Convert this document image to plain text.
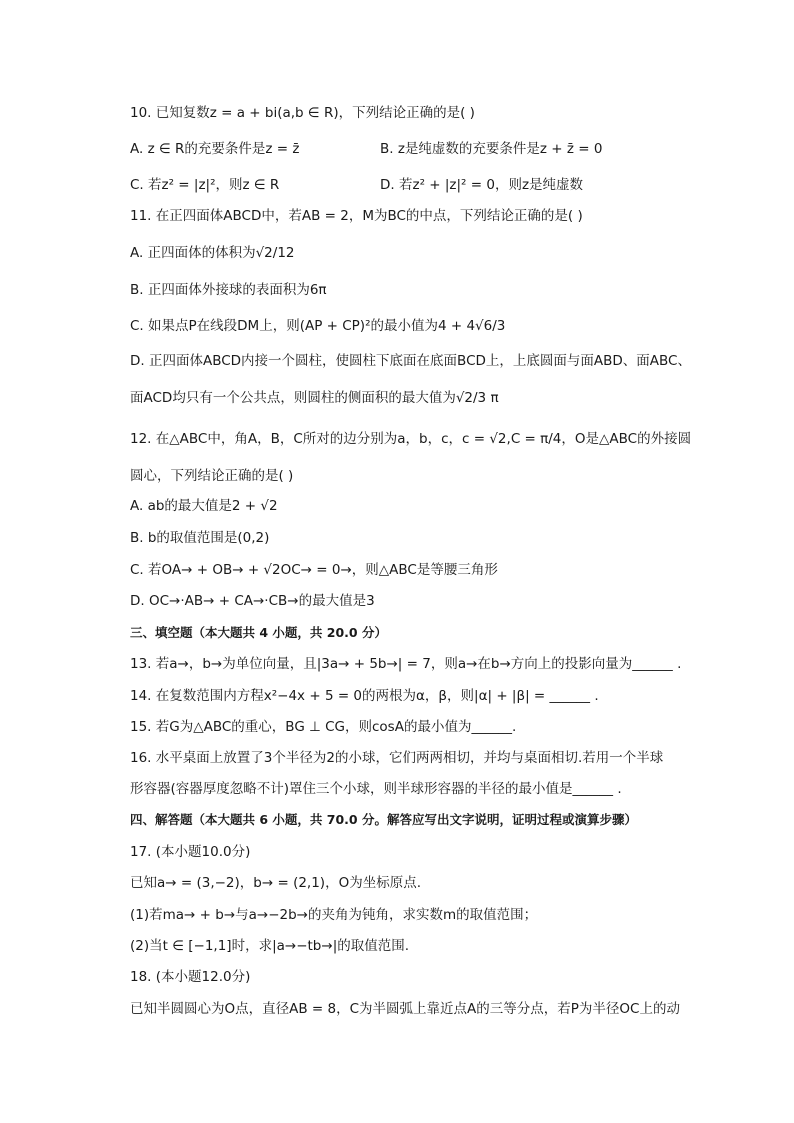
10. 已知复数z = a + bi(a,b ∈ R)，下列结论正确的是( )
A. z ∈ R的充要条件是z = z̄	B. z是纯虚数的充要条件是z + z̄ = 0
C. 若z² = |z|²，则z ∈ R	D. 若z² + |z|² = 0，则z是纯虚数
11. 在正四面体ABCD中，若AB = 2，M为BC的中点，下列结论正确的是( )
A. 正四面体的体积为√2/12
B. 正四面体外接球的表面积为6π
C. 如果点P在线段DM上，则(AP + CP)²的最小值为4 + 4√6/3
D. 正四面体ABCD内接一个圆柱，使圆柱下底面在底面BCD上，上底圆面与面ABD、面ABC、
面ACD均只有一个公共点，则圆柱的侧面积的最大值为√2/3 π
12. 在△ABC中，角A，B，C所对的边分别为a，b，c，c = √2,C = π/4，O是△ABC的外接圆
圆心，下列结论正确的是( )
A. ab的最大值是2 + √2
B. b的取值范围是(0,2)
C. 若OA→ + OB→ + √2OC→ = 0→，则△ABC是等腰三角形
D. OC→·AB→ + CA→·CB→的最大值是3
三、填空题（本大题共 4 小题，共 20.0 分）
13. 若a→，b→为单位向量，且|3a→ + 5b→| = 7，则a→在b→方向上的投影向量为______ .
14. 在复数范围内方程x²−4x + 5 = 0的两根为α，β，则|α| + |β| = ______ .
15. 若G为△ABC的重心，BG ⊥ CG，则cosA的最小值为______.
16. 水平桌面上放置了3个半径为2的小球，它们两两相切，并均与桌面相切.若用一个半球
形容器(容器厚度忽略不计)罩住三个小球，则半球形容器的半径的最小值是______ .
四、解答题（本大题共 6 小题，共 70.0 分。解答应写出文字说明，证明过程或演算步骤）
17. (本小题10.0分)
已知a→ = (3,−2)，b→ = (2,1)，O为坐标原点.
(1)若ma→ + b→与a→−2b→的夹角为钝角，求实数m的取值范围；
(2)当t ∈ [−1,1]时，求|a→−tb→|的取值范围.
18. (本小题12.0分)
已知半圆圆心为O点，直径AB = 8，C为半圆弧上靠近点A的三等分点，若P为半径OC上的动
